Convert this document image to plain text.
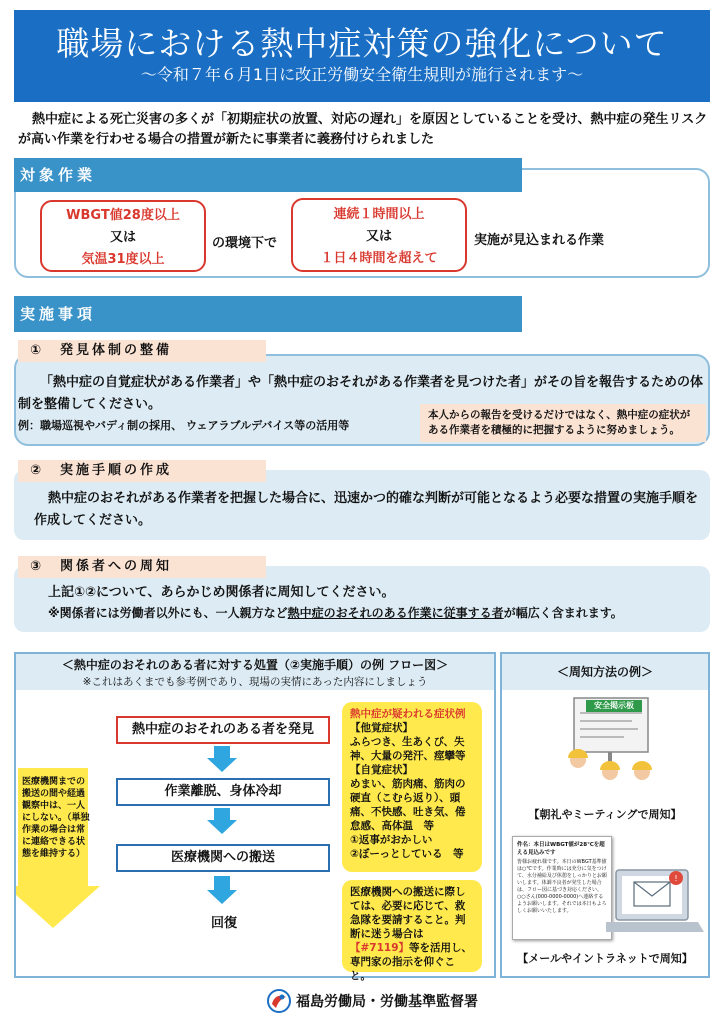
職場における熱中症対策の強化について
～令和７年６月1日に改正労働安全衛生規則が施行されます～
熱中症による死亡災害の多くが「初期症状の放置、対応の遅れ」を原因としていることを受け、熱中症の発生リスクが高い作業を行わせる場合の措置が新たに事業者に義務付けられました
対象作業
WBGT値28度以上
又は
気温31度以上
の環境下で
連続１時間以上
又は
１日４時間を超えて
実施が見込まれる作業
実施事項
①　発見体制の整備
「熱中症の自覚症状がある作業者」や「熱中症のおそれがある作業者を見つけた者」がその旨を報告するための体制を整備してください。
例：職場巡視やバディ制の採用、 ウェアラブルデバイス等の活用等
本人からの報告を受けるだけではなく、熱中症の症状がある作業者を積極的に把握するように努めましょう。
②　実施手順の作成
熱中症のおそれがある作業者を把握した場合に、迅速かつ的確な判断が可能となるよう必要な措置の実施手順を作成してください。
③　関係者への周知
上記①②について、あらかじめ関係者に周知してください。
※関係者には労働者以外にも、一人親方など熱中症のおそれのある作業に従事する者が幅広く含まれます。
＜熱中症のおそれのある者に対する処置（②実施手順）の例 フロー図＞
※これはあくまでも参考例であり、現場の実情にあった内容にしましょう
医療機関までの搬送の間や経過観察中は、一人にしない。（単独作業の場合は常に連絡できる状態を維持する）
熱中症のおそれのある者を発見
作業離脱、身体冷却
医療機関への搬送
回復
熱中症が疑われる症状例
【他覚症状】
ふらつき、生あくび、失神、大量の発汗、痙攣等
【自覚症状】
めまい、筋肉痛、筋肉の硬直（こむら返り）、頭痛、不快感、吐き気、倦怠感、高体温　等
①返事がおかしい
②ぼーっとしている　等
医療機関への搬送に際しては、必要に応じて、救急隊を要請すること。判断に迷う場合は【#7119】等を活用し、専門家の指示を仰ぐこと。
＜周知方法の例＞
安全掲示板
【朝礼やミーティングで周知】
件名：本日はWBGT値が28℃を超える見込みです
皆様お疲れ様です。本日のWBGT基準値は○℃です。作業時には充分に気をつけて、水分補給及び休憩をしっかりとお願いします。体調不良者が発生した場合は、フロー図に基づき対応ください。○○さん(000-0000-0000)へ連絡するようお願いします。それでは本日もよろしくお願いいたします。
!
【メールやイントラネットで周知】
福島労働局・労働基準監督署
